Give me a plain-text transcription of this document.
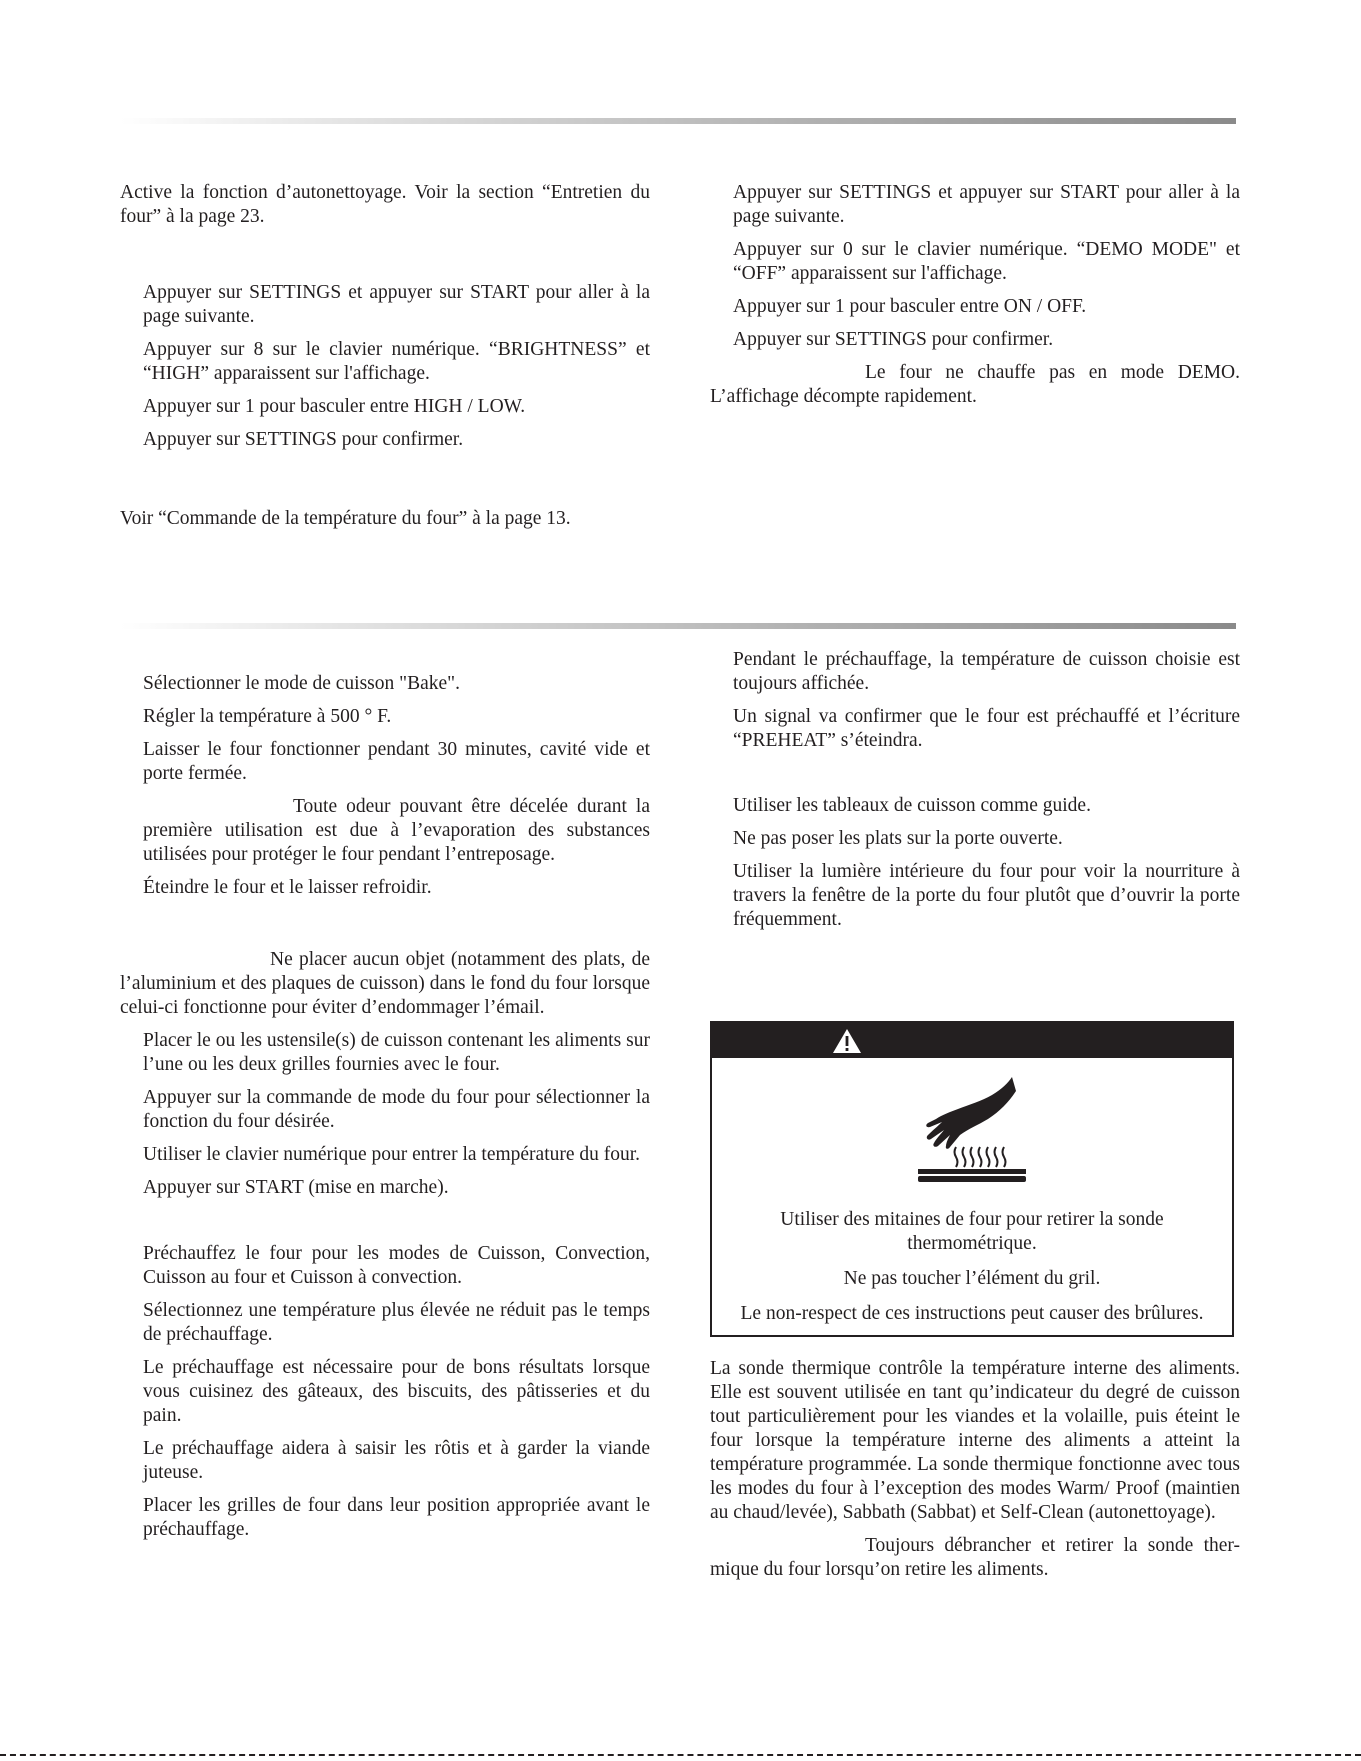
Active la fonction d’autonettoyage. Voir la section “Entretien du four” à la page 23.

Appuyer sur SETTINGS et appuyer sur START pour aller à la page suivante.

Appuyer sur 8 sur le clavier numérique. “BRIGHTNESS” et “HIGH” apparaissent sur l'affichage.

Appuyer sur 1 pour basculer entre HIGH / LOW.

Appuyer sur SETTINGS pour confirmer.

Voir “Commande de la température du four” à la page 13.

Appuyer sur SETTINGS et appuyer sur START pour aller à la page suivante.

Appuyer sur 0 sur le clavier numérique. “DEMO MODE" et “OFF” apparaissent sur l'affichage.

Appuyer sur 1 pour basculer entre ON / OFF.

Appuyer sur SETTINGS pour confirmer.

Le four ne chauffe pas en mode DEMO. L’affichage décompte rapidement.

Sélectionner le mode de cuisson "Bake".

Régler la température à 500 ° F.

Laisser le four fonctionner pendant 30 minutes, cavité vide et porte fermée.

Toute odeur pouvant être décelée durant la première utilisation est due à l’evaporation des substances utilisées pour protéger le four pendant l’entreposage.

Éteindre le four et le laisser refroidir.

Ne placer aucun objet (notamment des plats, de l’aluminium et des plaques de cuisson) dans le fond du four lorsque celui-ci fonctionne pour éviter d’endommager l’émail.

Placer le ou les ustensile(s) de cuisson contenant les aliments sur l’une ou les deux grilles fournies avec le four.

Appuyer sur la commande de mode du four pour sélectionner la fonction du four désirée.

Utiliser le clavier numérique pour entrer la température du four.

Appuyer sur START (mise en marche).

Préchauffez le four pour les modes de Cuisson, Convection, Cuisson au four et Cuisson à convection.

Sélectionnez une température plus élevée ne réduit pas le temps de préchauffage.

Le préchauffage est nécessaire pour de bons résultats lorsque vous cuisinez des gâteaux, des biscuits, des pâtisseries et du pain.

Le préchauffage aidera à saisir les rôtis et à garder la viande juteuse.

Placer les grilles de four dans leur position appropriée avant le préchauffage.

Pendant le préchauffage, la température de cuisson choisie est toujours affichée.

Un signal va confirmer que le four est préchauffé et l’écriture “PREHEAT” s’éteindra.

Utiliser les tableaux de cuisson comme guide.

Ne pas poser les plats sur la porte ouverte.

Utiliser la lumière intérieure du four pour voir la nourriture à travers la fenêtre de la porte du four plutôt que d’ouvrir la porte fréquemment.

Utiliser des mitaines de four pour retirer la sonde thermométrique.

Ne pas toucher l’élément du gril.

Le non-respect de ces instructions peut causer des brûlures.

La sonde thermique contrôle la température interne des aliments. Elle est souvent utilisée en tant qu’indicateur du degré de cuisson tout particulièrement pour les viandes et la volaille, puis éteint le four lorsque la température interne des aliments a atteint la température programmée. La sonde thermique fonctionne avec tous les modes du four à l’exception des modes Warm/ Proof (maintien au chaud/levée), Sabbath (Sabbat) et Self-Clean (autonettoyage).

Toujours débrancher et retirer la sonde ther- mique du four lorsqu’on retire les aliments.
